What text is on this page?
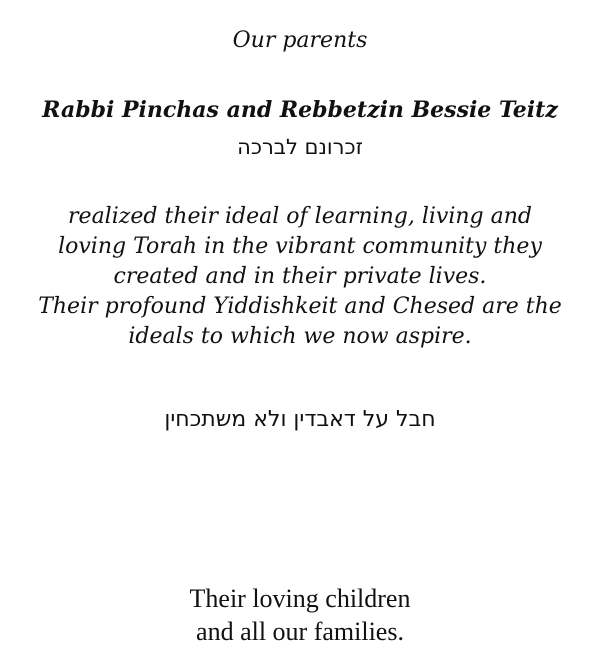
Our parents
Rabbi Pinchas and Rebbetzin Bessie Teitz
זכרונם לברכה
realized their ideal of learning, living and
loving Torah in the vibrant community they
created and in their private lives.
Their profound Yiddishkeit and Chesed are the
ideals to which we now aspire.
חבל על דאבדין ולא משתכחין
Their loving children
and all our families.
